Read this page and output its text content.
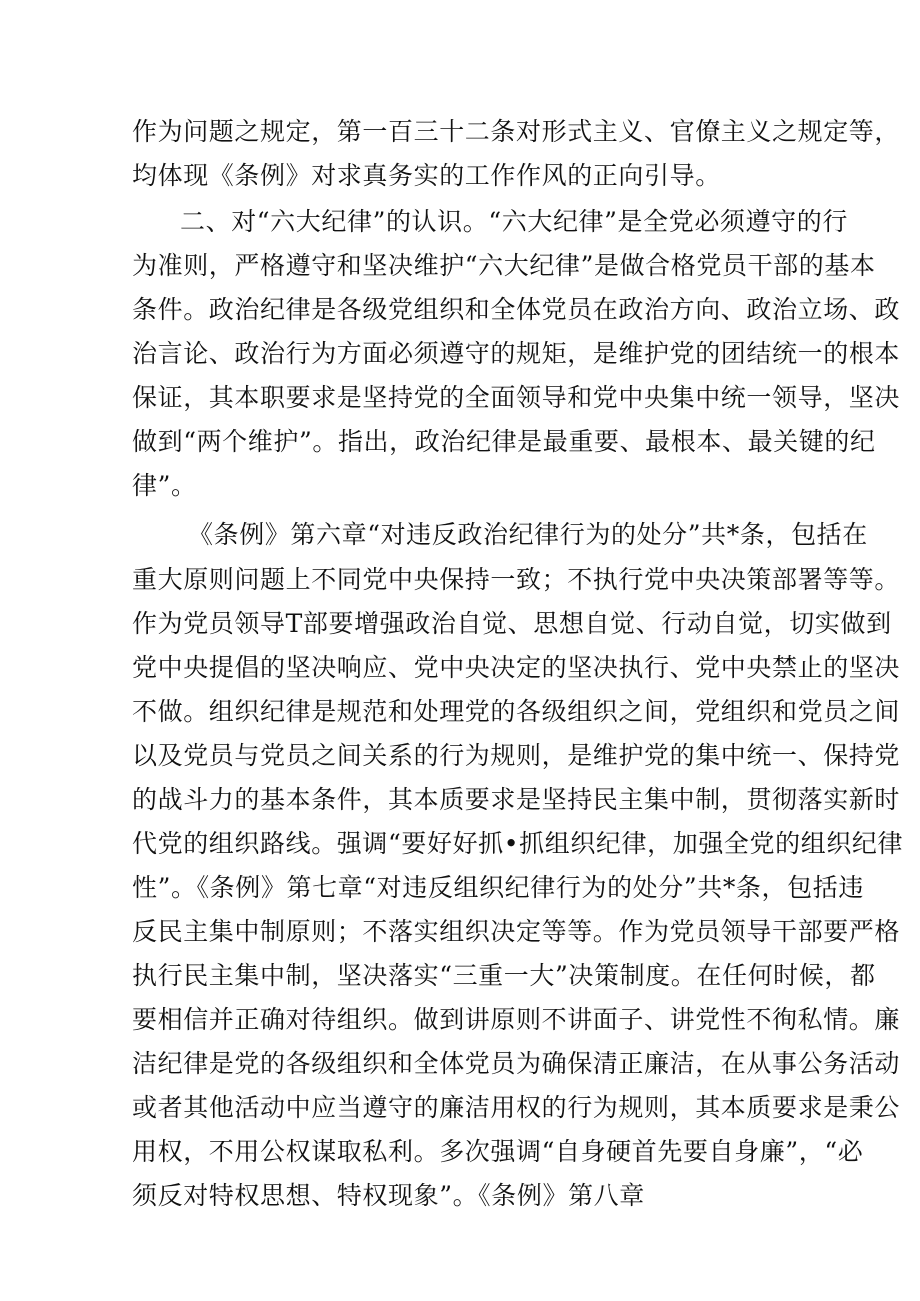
作为问题之规定，第一百三十二条对形式主义、官僚主义之规定等，
均体现《条例》对求真务实的工作作风的正向引导。
二、对“六大纪律”的认识。“六大纪律”是全党必须遵守的行
为准则，严格遵守和坚决维护“六大纪律”是做合格党员干部的基本
条件。政治纪律是各级党组织和全体党员在政治方向、政治立场、政
治言论、政治行为方面必须遵守的规矩，是维护党的团结统一的根本
保证，其本职要求是坚持党的全面领导和党中央集中统一领导，坚决
做到“两个维护”。指出，政治纪律是最重要、最根本、最关键的纪
律”。
《条例》第六章“对违反政治纪律行为的处分”共*条，包括在
重大原则问题上不同党中央保持一致；不执行党中央决策部署等等。
作为党员领导T部要增强政治自觉、思想自觉、行动自觉，切实做到
党中央提倡的坚决响应、党中央决定的坚决执行、党中央禁止的坚决
不做。组织纪律是规范和处理党的各级组织之间，党组织和党员之间
以及党员与党员之间关系的行为规则，是维护党的集中统一、保持党
的战斗力的基本条件，其本质要求是坚持民主集中制，贯彻落实新时
代党的组织路线。强调“要好好抓•抓组织纪律，加强全党的组织纪律
性”。《条例》第七章“对违反组织纪律行为的处分”共*条，包括违
反民主集中制原则；不落实组织决定等等。作为党员领导干部要严格
执行民主集中制，坚决落实“三重一大”决策制度。在任何时候，都
要相信并正确对待组织。做到讲原则不讲面子、讲党性不徇私情。廉
洁纪律是党的各级组织和全体党员为确保清正廉洁，在从事公务活动
或者其他活动中应当遵守的廉洁用权的行为规则，其本质要求是秉公
用权，不用公权谋取私利。多次强调“自身硬首先要自身廉”，“必
须反对特权思想、特权现象”。《条例》第八章
